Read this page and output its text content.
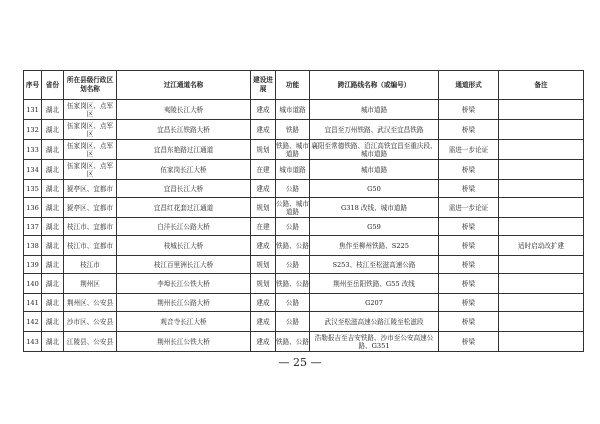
序号	省份	所在县级行政区划名称	过江通道名称	建设进展	功能	跨江路线名称（或编号）	通道形式	备注
131	湖北	伍家岗区、点军区	夷陵长江大桥	建成	城市道路	城市道路	桥梁	
132	湖北	伍家岗区、点军区	宜昌长江铁路大桥	建成	铁路	宜昌至万州铁路、武汉至宜昌铁路	桥梁	
133	湖北	伍家岗区、点军区	宜昌东艳路过江通道	规划	铁路、城市道路	襄阳至常德铁路、沿江高铁宜昌至重庆段、城市道路	需进一步论证	
134	湖北	伍家岗区、点军区	伍家岗长江大桥	在建	城市道路	城市道路	桥梁	
135	湖北	猇亭区、宜都市	宜昌长江大桥	建成	公路	G50	桥梁	
136	湖北	猇亭区、宜都市	宜昌红花套过江通道	规划	公路、城市道路	G318 改线、城市道路	需进一步论证	
137	湖北	枝江市、宜都市	白洋长江公路大桥	在建	公路	G59	桥梁	
138	湖北	枝江市、宜都市	枝城长江大桥	建成	铁路、公路	焦作至柳州铁路、S225	桥梁	适时启动改扩建
139	湖北	枝江市	枝江百里洲长江大桥	规划	公路	S253、枝江至松滋高速公路	桥梁	
140	湖北	荆州区	李埠长江公铁大桥	规划	铁路、公路	荆州至岳阳铁路、G55 改线	桥梁	
141	湖北	荆州区、公安县	荆州长江公路大桥	建成	公路	G207	桥梁	
142	湖北	沙市区、公安县	观音寺长江大桥	建成	公路	武汉至松滋高速公路江陵至松滋段	桥梁	
143	湖北	江陵县、公安县	荆州长江公铁大桥	建成	铁路、公路	浩勒报吉至吉安铁路、沙市至公安高速公路、G351	桥梁	
— 25 —
